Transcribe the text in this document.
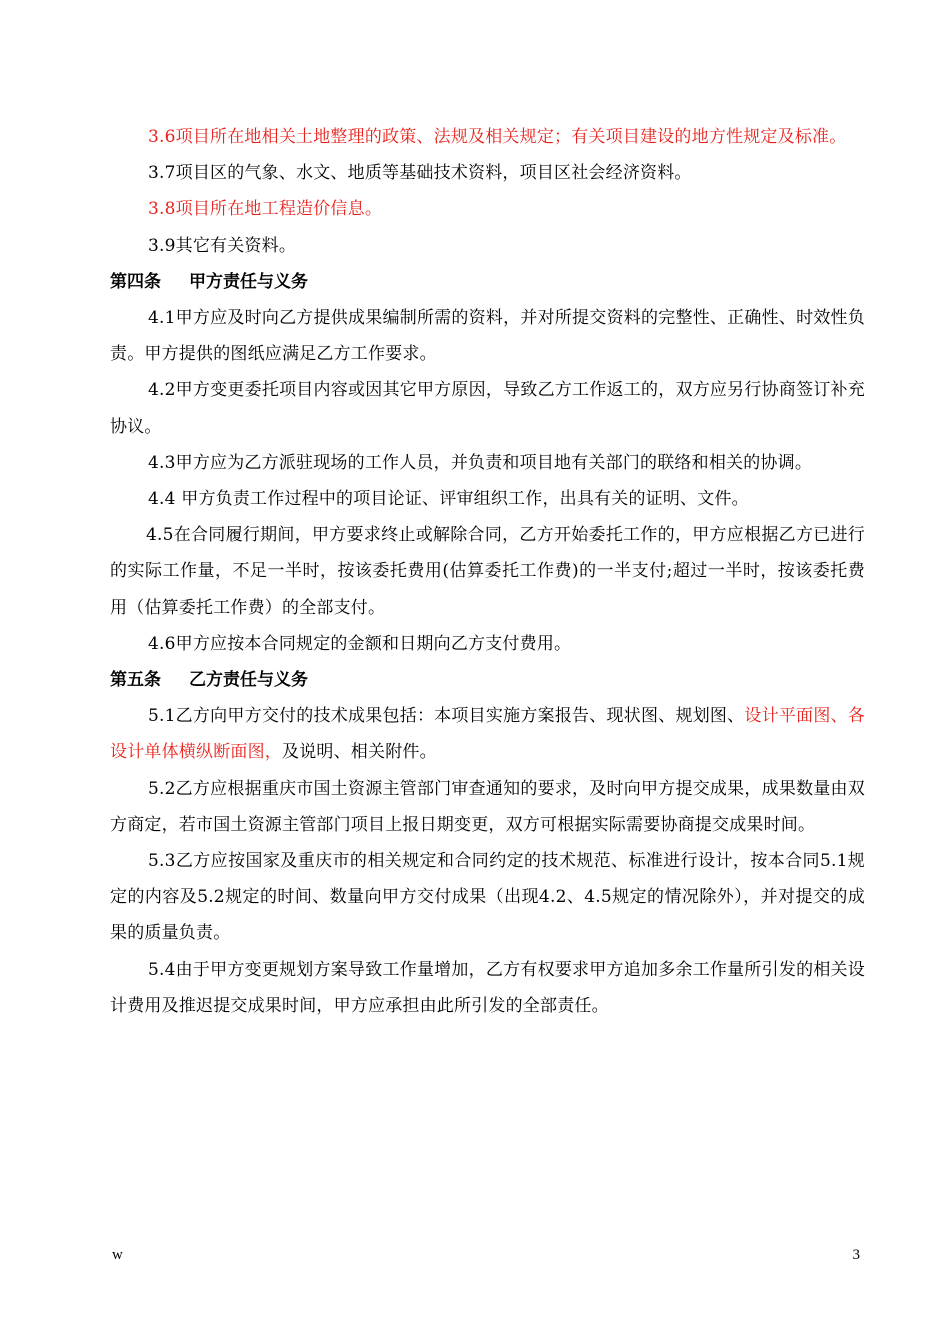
3.6项目所在地相关土地整理的政策、法规及相关规定；有关项目建设的地方性规定及标准。

3.7项目区的气象、水文、地质等基础技术资料，项目区社会经济资料。

3.8项目所在地工程造价信息。

3.9其它有关资料。

第四条 甲方责任与义务

4.1甲方应及时向乙方提供成果编制所需的资料，并对所提交资料的完整性、正确性、时效性负责。甲方提供的图纸应满足乙方工作要求。

4.2甲方变更委托项目内容或因其它甲方原因，导致乙方工作返工的，双方应另行协商签订补充协议。

4.3甲方应为乙方派驻现场的工作人员，并负责和项目地有关部门的联络和相关的协调。

4.4 甲方负责工作过程中的项目论证、评审组织工作，出具有关的证明、文件。

4.5在合同履行期间，甲方要求终止或解除合同，乙方开始委托工作的，甲方应根据乙方已进行的实际工作量，不足一半时，按该委托费用(估算委托工作费)的一半支付;超过一半时，按该委托费用（估算委托工作费）的全部支付。

4.6甲方应按本合同规定的金额和日期向乙方支付费用。

第五条 乙方责任与义务

5.1乙方向甲方交付的技术成果包括：本项目实施方案报告、现状图、规划图、设计平面图、各设计单体横纵断面图，及说明、相关附件。

5.2乙方应根据重庆市国土资源主管部门审查通知的要求，及时向甲方提交成果，成果数量由双方商定，若市国土资源主管部门项目上报日期变更，双方可根据实际需要协商提交成果时间。

5.3乙方应按国家及重庆市的相关规定和合同约定的技术规范、标准进行设计，按本合同5.1规定的内容及5.2规定的时间、数量向甲方交付成果（出现4.2、4.5规定的情况除外），并对提交的成果的质量负责。

5.4由于甲方变更规划方案导致工作量增加，乙方有权要求甲方追加多余工作量所引发的相关设计费用及推迟提交成果时间，甲方应承担由此所引发的全部责任。

w	3
